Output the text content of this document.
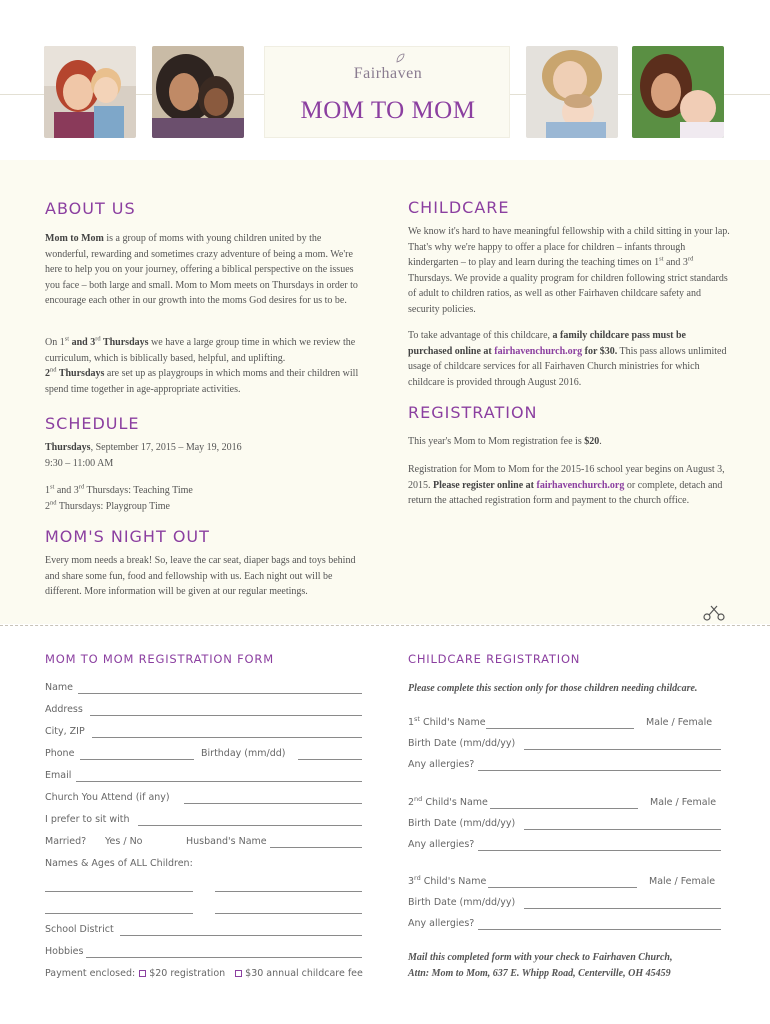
Fairhaven
MOM TO MOM
ABOUT US

Mom to Mom is a group of moms with young children united by the wonderful, rewarding and sometimes crazy adventure of being a mom. We're here to help you on your journey, offering a biblical perspective on the issues you face – both large and small. Mom to Mom meets on Thursdays in order to encourage each other in our growth into the moms God desires for us to be.

On 1st and 3rd Thursdays we have a large group time in which we review the curriculum, which is biblically based, helpful, and uplifting.
2nd Thursdays are set up as playgroups in which moms and their children will spend time together in age-appropriate activities.

SCHEDULE

Thursdays, September 17, 2015 – May 19, 2016
9:30 – 11:00 AM

1st and 3rd Thursdays: Teaching Time
2nd Thursdays: Playgroup Time

MOM'S NIGHT OUT

Every mom needs a break! So, leave the car seat, diaper bags and toys behind and share some fun, food and fellowship with us. Each night out will be different. More information will be given at our regular meetings.

CHILDCARE

We know it's hard to have meaningful fellowship with a child sitting in your lap. That's why we're happy to offer a place for children – infants through kindergarten – to play and learn during the teaching times on 1st and 3rd Thursdays. We provide a quality program for children following strict standards of adult to children ratios, as well as other Fairhaven childcare safety and security policies.

To take advantage of this childcare, a family childcare pass must be purchased online at fairhavenchurch.org for $30. This pass allows unlimited usage of childcare services for all Fairhaven Church ministries for which childcare is provided through August 2016.

REGISTRATION

This year's Mom to Mom registration fee is $20.

Registration for Mom to Mom for the 2015-16 school year begins on August 3, 2015. Please register online at fairhavenchurch.org or complete, detach and return the attached registration form and payment to the church office.

MOM TO MOM REGISTRATION FORM
Name
Address
City, ZIP
Phone	Birthday (mm/dd)
Email
Church You Attend (if any)
I prefer to sit with
Married? Yes / No	Husband's Name
Names & Ages of ALL Children:
School District
Hobbies
Payment enclosed: $20 registration $30 annual childcare fee
CHILDCARE REGISTRATION
Please complete this section only for those children needing childcare.
1st Child's Name	Male / Female
Birth Date (mm/dd/yy)
Any allergies?
2nd Child's Name	Male / Female
Birth Date (mm/dd/yy)
Any allergies?
3rd Child's Name	Male / Female
Birth Date (mm/dd/yy)
Any allergies?
Mail this completed form with your check to Fairhaven Church,
Attn: Mom to Mom, 637 E. Whipp Road, Centerville, OH 45459
